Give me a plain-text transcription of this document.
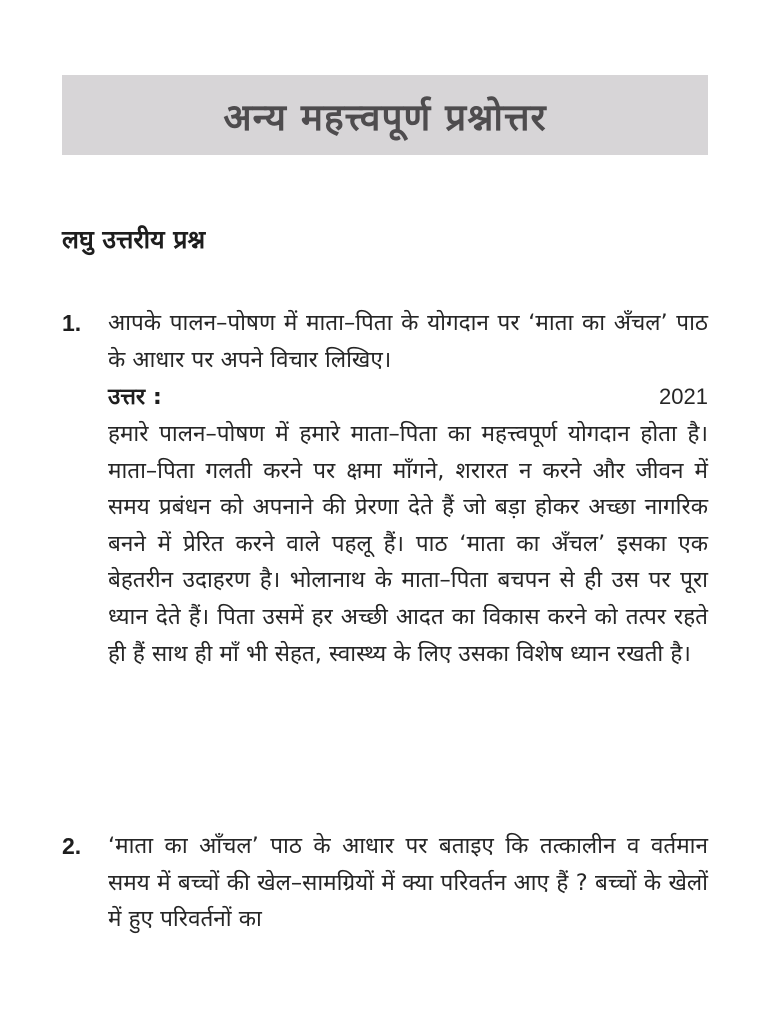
अन्य महत्त्वपूर्ण प्रश्नोत्तर
लघु उत्तरीय प्रश्न
1. आपके पालन–पोषण में माता–पिता के योगदान पर ‘माता का अँचल’ पाठ के आधार पर अपने विचार लिखिए।
उत्तर :	2021
हमारे पालन–पोषण में हमारे माता–पिता का महत्त्वपूर्ण योगदान होता है। माता–पिता गलती करने पर क्षमा माँगने, शरारत न करने और जीवन में समय प्रबंधन को अपनाने की प्रेरणा देते हैं जो बड़ा होकर अच्छा नागरिक बनने में प्रेरित करने वाले पहलू हैं। पाठ ‘माता का अँचल’ इसका एक बेहतरीन उदाहरण है। भोलानाथ के माता–पिता बचपन से ही उस पर पूरा ध्यान देते हैं। पिता उसमें हर अच्छी आदत का विकास करने को तत्पर रहते ही हैं साथ ही माँ भी सेहत, स्वास्थ्य के लिए उसका विशेष ध्यान रखती है।
2. ‘माता का आँचल’ पाठ के आधार पर बताइए कि तत्कालीन व वर्तमान समय में बच्चों की खेल–सामग्रियों में क्या परिवर्तन आए हैं ? बच्चों के खेलों में हुए परिवर्तनों का
